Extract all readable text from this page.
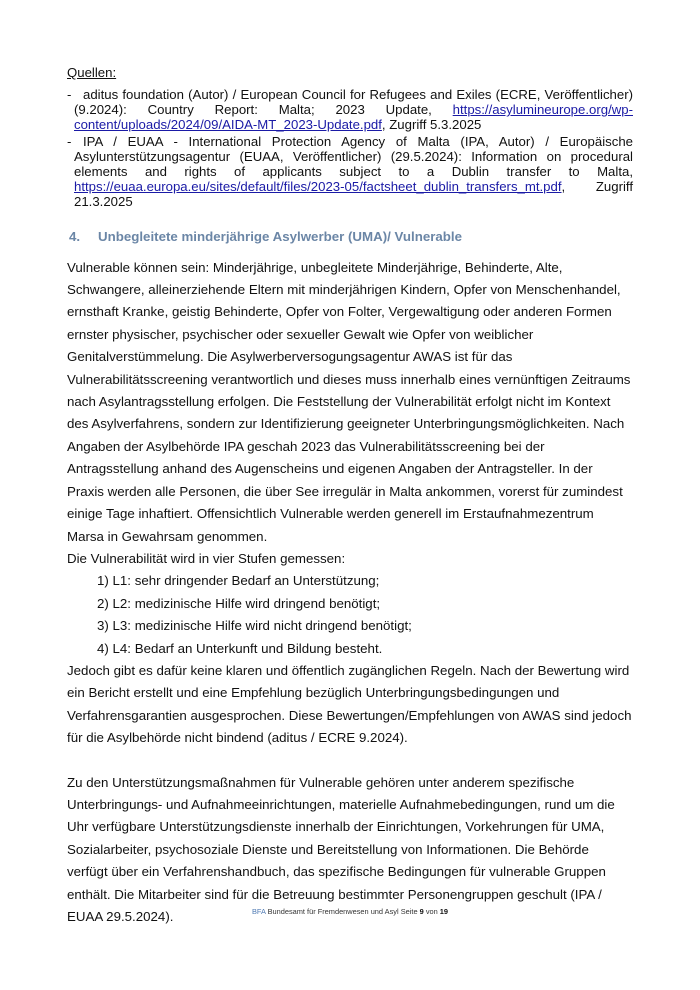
Quellen:
- aditus foundation (Autor) / European Council for Refugees and Exiles (ECRE, Veröffentlicher) (9.2024): Country Report: Malta; 2023 Update, https://asylumineurope.org/wp-content/uploads/2024/09/AIDA-MT_2023-Update.pdf, Zugriff 5.3.2025
- IPA / EUAA - International Protection Agency of Malta (IPA, Autor) / Europäische Asylunterstützungsagentur (EUAA, Veröffentlicher) (29.5.2024): Information on procedural elements and rights of applicants subject to a Dublin transfer to Malta, https://euaa.europa.eu/sites/default/files/2023-05/factsheet_dublin_transfers_mt.pdf, Zugriff 21.3.2025
4.	Unbegleitete minderjährige Asylwerber (UMA)/ Vulnerable

Vulnerable können sein: Minderjährige, unbegleitete Minderjährige, Behinderte, Alte, Schwangere, alleinerziehende Eltern mit minderjährigen Kindern, Opfer von Menschenhandel, ernsthaft Kranke, geistig Behinderte, Opfer von Folter, Vergewaltigung oder anderen Formen ernster physischer, psychischer oder sexueller Gewalt wie Opfer von weiblicher Genitalverstümmelung. Die Asylwerberversogungsagentur AWAS ist für das Vulnerabilitätsscreening verantwortlich und dieses muss innerhalb eines vernünftigen Zeitraums nach Asylantragsstellung erfolgen. Die Feststellung der Vulnerabilität erfolgt nicht im Kontext des Asylverfahrens, sondern zur Identifizierung geeigneter Unterbringungsmöglichkeiten. Nach Angaben der Asylbehörde IPA geschah 2023 das Vulnerabilitätsscreening bei der Antragsstellung anhand des Augenscheins und eigenen Angaben der Antragsteller. In der Praxis werden alle Personen, die über See irregulär in Malta ankommen, vorerst für zumindest einige Tage inhaftiert. Offensichtlich Vulnerable werden generell im Erstaufnahmezentrum Marsa in Gewahrsam genommen.

Die Vulnerabilität wird in vier Stufen gemessen:

1) L1: sehr dringender Bedarf an Unterstützung;
2) L2: medizinische Hilfe wird dringend benötigt;
3) L3: medizinische Hilfe wird nicht dringend benötigt;
4) L4: Bedarf an Unterkunft und Bildung besteht.

Jedoch gibt es dafür keine klaren und öffentlich zugänglichen Regeln. Nach der Bewertung wird ein Bericht erstellt und eine Empfehlung bezüglich Unterbringungsbedingungen und Verfahrensgarantien ausgesprochen. Diese Bewertungen/Empfehlungen von AWAS sind jedoch für die Asylbehörde nicht bindend (aditus / ECRE 9.2024).

Zu den Unterstützungsmaßnahmen für Vulnerable gehören unter anderem spezifische Unterbringungs- und Aufnahmeeinrichtungen, materielle Aufnahmebedingungen, rund um die Uhr verfügbare Unterstützungsdienste innerhalb der Einrichtungen, Vorkehrungen für UMA, Sozialarbeiter, psychosoziale Dienste und Bereitstellung von Informationen. Die Behörde verfügt über ein Verfahrenshandbuch, das spezifische Bedingungen für vulnerable Gruppen enthält. Die Mitarbeiter sind für die Betreuung bestimmter Personengruppen geschult (IPA / EUAA 29.5.2024).	BFA Bundesamt für Fremdenwesen und Asyl Seite 9 von 19
